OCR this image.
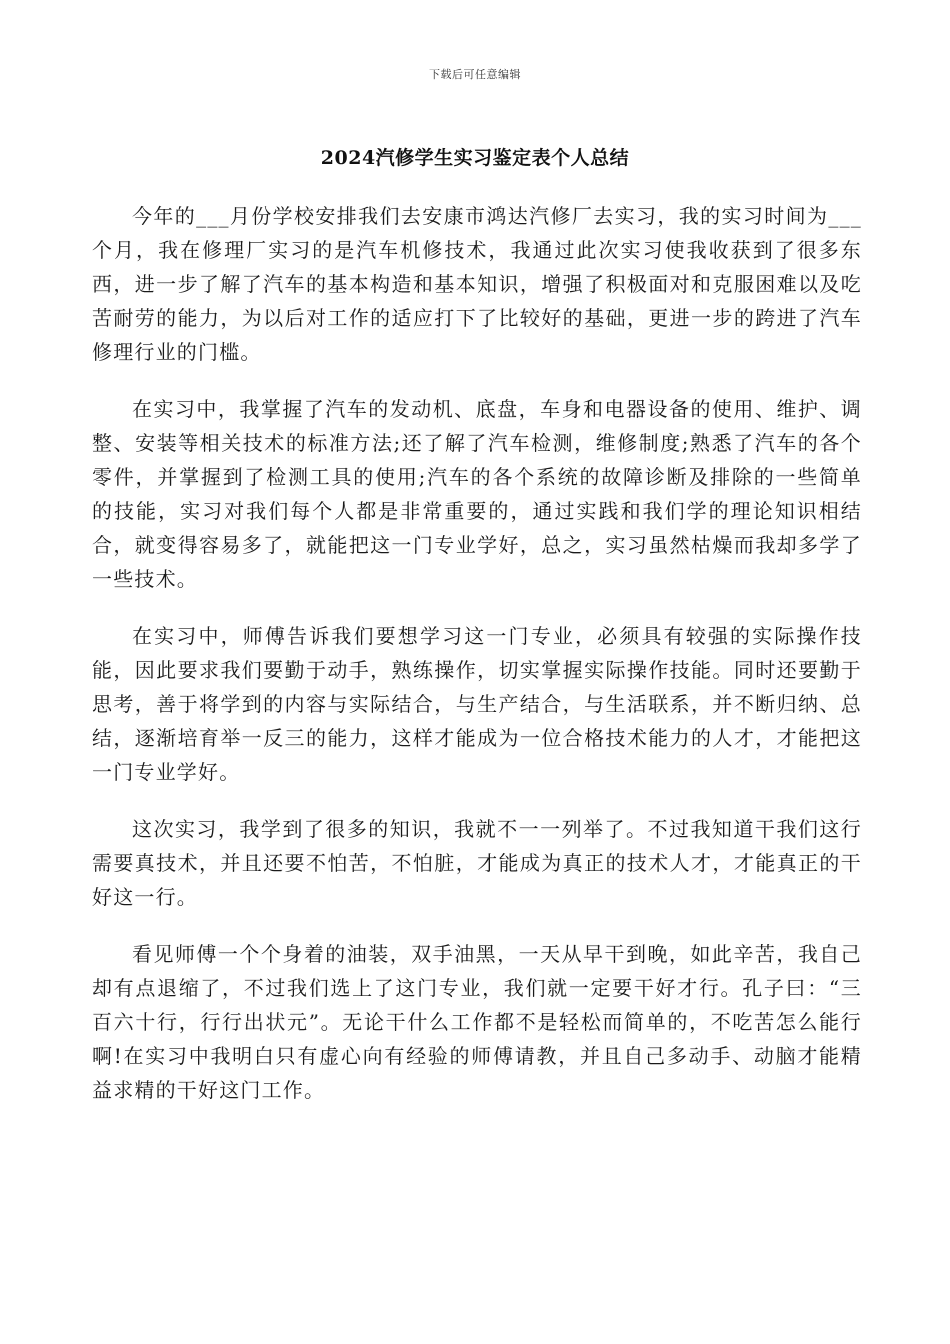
下载后可任意编辑
2024汽修学生实习鉴定表个人总结

今年的___月份学校安排我们去安康市鸿达汽修厂去实习，我的实习时间为___个月，我在修理厂实习的是汽车机修技术，我通过此次实习使我收获到了很多东西，进一步了解了汽车的基本构造和基本知识，增强了积极面对和克服困难以及吃苦耐劳的能力，为以后对工作的适应打下了比较好的基础，更进一步的跨进了汽车修理行业的门槛。

在实习中，我掌握了汽车的发动机、底盘，车身和电器设备的使用、维护、调整、安装等相关技术的标准方法;还了解了汽车检测，维修制度;熟悉了汽车的各个零件，并掌握到了检测工具的使用;汽车的各个系统的故障诊断及排除的一些简单的技能，实习对我们每个人都是非常重要的，通过实践和我们学的理论知识相结合，就变得容易多了，就能把这一门专业学好，总之，实习虽然枯燥而我却多学了一些技术。

在实习中，师傅告诉我们要想学习这一门专业，必须具有较强的实际操作技能，因此要求我们要勤于动手，熟练操作，切实掌握实际操作技能。同时还要勤于思考，善于将学到的内容与实际结合，与生产结合，与生活联系，并不断归纳、总结，逐渐培育举一反三的能力，这样才能成为一位合格技术能力的人才，才能把这一门专业学好。

这次实习，我学到了很多的知识，我就不一一列举了。不过我知道干我们这行需要真技术，并且还要不怕苦，不怕脏，才能成为真正的技术人才，才能真正的干好这一行。

看见师傅一个个身着的油装，双手油黑，一天从早干到晚，如此辛苦，我自己却有点退缩了，不过我们选上了这门专业，我们就一定要干好才行。孔子曰：“三百六十行，行行出状元”。无论干什么工作都不是轻松而简单的，不吃苦怎么能行啊!在实习中我明白只有虚心向有经验的师傅请教，并且自己多动手、动脑才能精益求精的干好这门工作。
